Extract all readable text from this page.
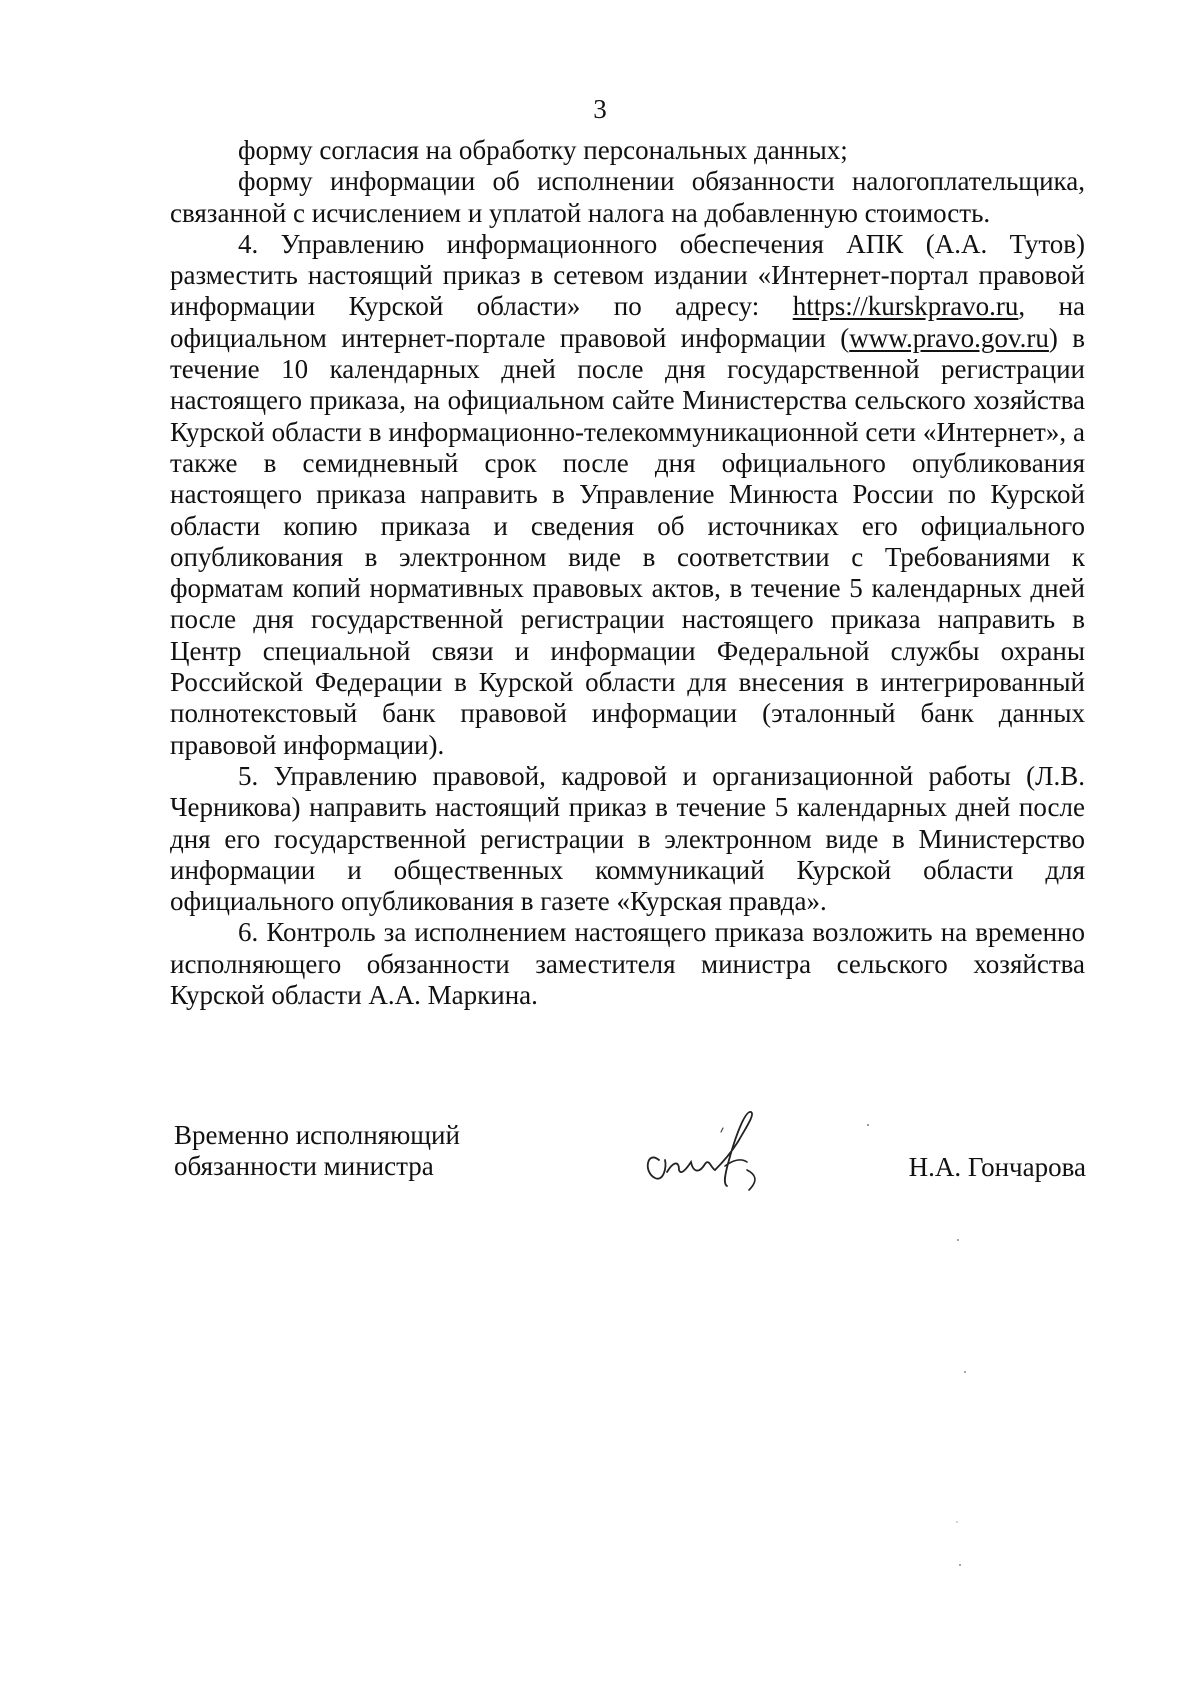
3

форму согласия на обработку персональных данных;

форму информации об исполнении обязанности налогоплательщика, связанной с исчислением и уплатой налога на добавленную стоимость.

4. Управлению информационного обеспечения АПК (А.А. Тутов) разместить настоящий приказ в сетевом издании «Интернет-портал правовой информации Курской области» по адресу: https://kurskpravo.ru, на официальном интернет-портале правовой информации (www.pravo.gov.ru) в течение 10 календарных дней после дня государственной регистрации настоящего приказа, на официальном сайте Министерства сельского хозяйства Курской области в информационно-телекоммуникационной сети «Интернет», а также в семидневный срок после дня официального опубликования настоящего приказа направить в Управление Минюста России по Курской области копию приказа и сведения об источниках его официального опубликования в электронном виде в соответствии с Требованиями к форматам копий нормативных правовых актов, в течение 5 календарных дней после дня государственной регистрации настоящего приказа направить в Центр специальной связи и информации Федеральной службы охраны Российской Федерации в Курской области для внесения в интегрированный полнотекстовый банк правовой информации (эталонный банк данных правовой информации).

5. Управлению правовой, кадровой и организационной работы (Л.В. Черникова) направить настоящий приказ в течение 5 календарных дней после дня его государственной регистрации в электронном виде в Министерство информации и общественных коммуникаций Курской области для официального опубликования в газете «Курская правда».

6. Контроль за исполнением настоящего приказа возложить на временно исполняющего обязанности заместителя министра сельского хозяйства Курской области А.А. Маркина.

Временно исполняющий
обязанности министра	Н.А. Гончарова
